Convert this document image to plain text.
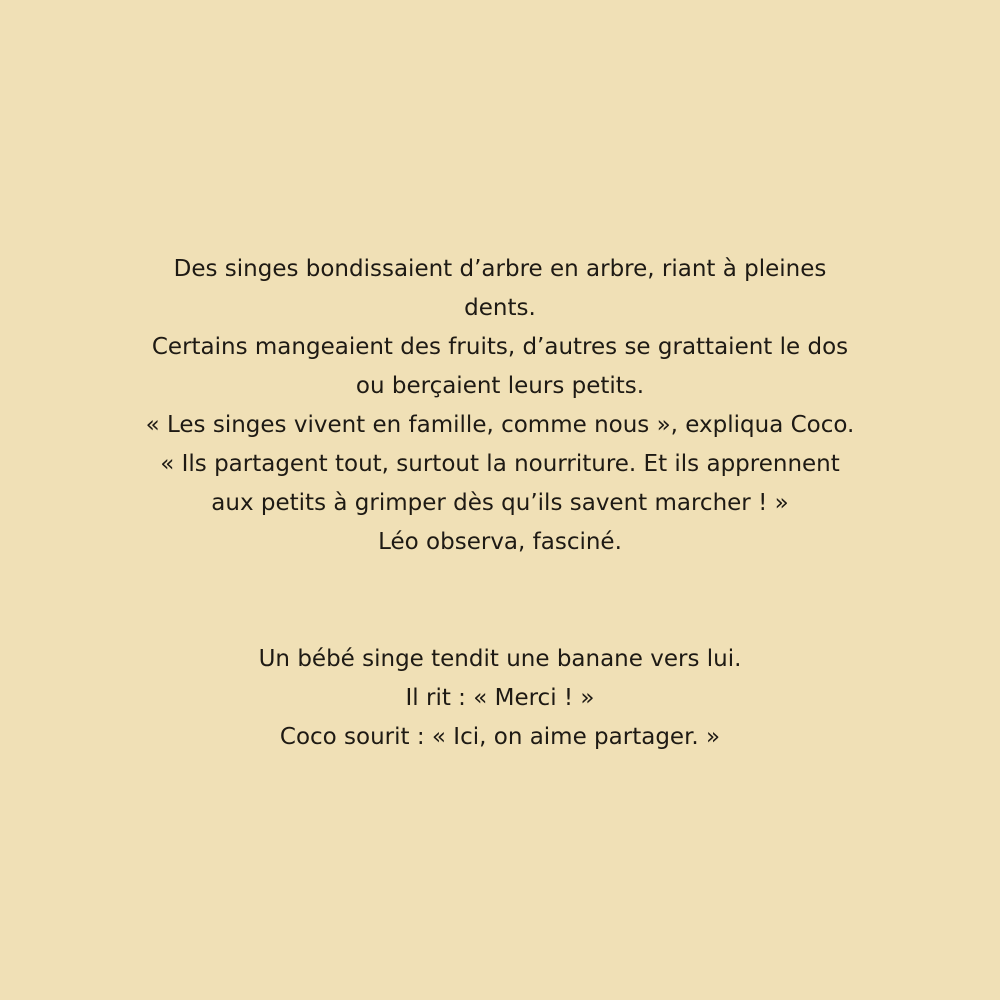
Des singes bondissaient d’arbre en arbre, riant à pleines
dents.
Certains mangeaient des fruits, d’autres se grattaient le dos
ou berçaient leurs petits.
« Les singes vivent en famille, comme nous », expliqua Coco.
« Ils partagent tout, surtout la nourriture. Et ils apprennent
aux petits à grimper dès qu’ils savent marcher ! »
Léo observa, fasciné.

Un bébé singe tendit une banane vers lui.
Il rit : « Merci ! »
Coco sourit : « Ici, on aime partager. »
